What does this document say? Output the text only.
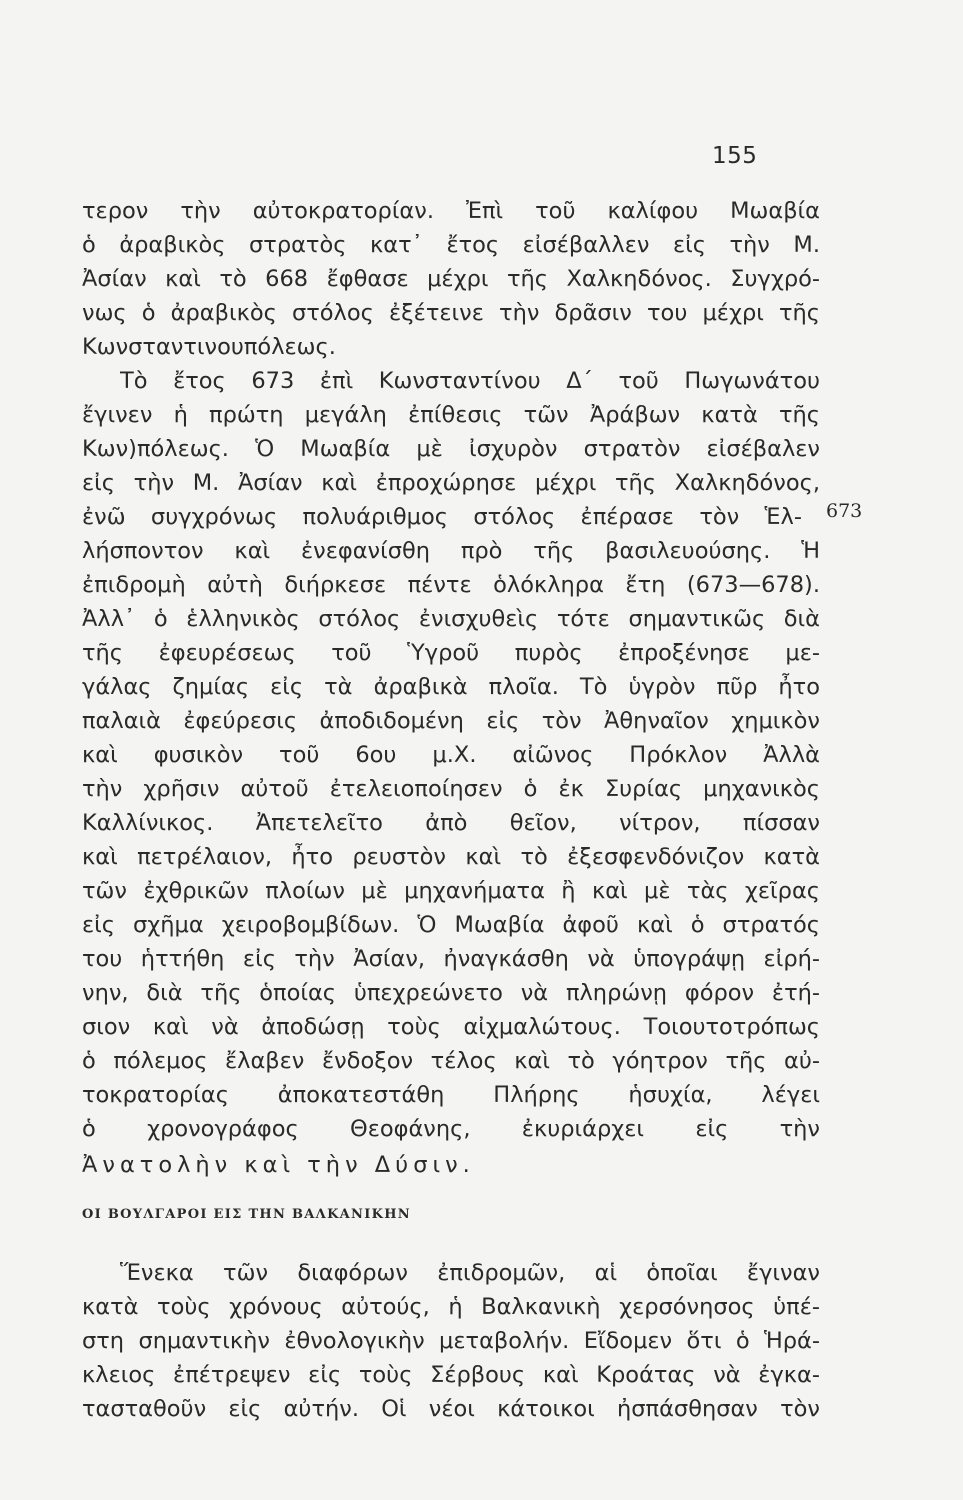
155
673
τερον τὴν αὐτοκρατορίαν. Ἐπὶ τοῦ καλίφου Μωαβία
ὁ ἀραβικὸς στρατὸς κατ᾽ ἔτος εἰσέβαλλεν εἰς τὴν Μ.
Ἀσίαν καὶ τὸ 668 ἔφθασε μέχρι τῆς Χαλκηδόνος. Συγχρό-
νως ὁ ἀραβικὸς στόλος ἐξέτεινε τὴν δρᾶσιν του μέχρι τῆς
Κωνσταντινουπόλεως.
Τὸ ἔτος 673 ἐπὶ Κωνσταντίνου Δ´ τοῦ Πωγωνάτου
ἔγινεν ἡ πρώτη μεγάλη ἐπίθεσις τῶν Ἀράβων κατὰ τῆς
Κων)πόλεως. Ὁ Μωαβία μὲ ἰσχυρὸν στρατὸν εἰσέβαλεν
εἰς τὴν Μ. Ἀσίαν καὶ ἐπροχώρησε μέχρι τῆς Χαλκηδόνος,
ἐνῶ συγχρόνως πολυάριθμος στόλος ἐπέρασε τὸν Ἑλ-
λήσποντον καὶ ἐνεφανίσθη πρὸ τῆς βασιλευούσης. Ἡ
ἐπιδρομὴ αὐτὴ διήρκεσε πέντε ὁλόκληρα ἔτη (673—678).
Ἀλλ᾽ ὁ ἑλληνικὸς στόλος ἐνισχυθεὶς τότε σημαντικῶς διὰ
τῆς ἐφευρέσεως τοῦ Ὑγροῦ πυρὸς ἐπροξένησε με-
γάλας ζημίας εἰς τὰ ἀραβικὰ πλοῖα. Τὸ ὑγρὸν πῦρ ἦτο
παλαιὰ ἐφεύρεσις ἀποδιδομένη εἰς τὸν Ἀθηναῖον χημικὸν
καὶ φυσικὸν τοῦ 6ου μ.Χ. αἰῶνος Πρόκλον Ἀλλὰ
τὴν χρῆσιν αὐτοῦ ἐτελειοποίησεν ὁ ἐκ Συρίας μηχανικὸς
Καλλίνικος. Ἀπετελεῖτο ἀπὸ θεῖον, νίτρον, πίσσαν
καὶ πετρέλαιον, ἦτο ρευστὸν καὶ τὸ ἐξεσφενδόνιζον κατὰ
τῶν ἐχθρικῶν πλοίων μὲ μηχανήματα ἢ καὶ μὲ τὰς χεῖρας
εἰς σχῆμα χειροβομβίδων. Ὁ Μωαβία ἀφοῦ καὶ ὁ στρατός
του ἡττήθη εἰς τὴν Ἀσίαν, ἠναγκάσθη νὰ ὑπογράψῃ εἰρή-
νην, διὰ τῆς ὁποίας ὑπεχρεώνετο νὰ πληρώνῃ φόρον ἐτή-
σιον καὶ νὰ ἀποδώσῃ τοὺς αἰχμαλώτους. Τοιουτοτρόπως
ὁ πόλεμος ἔλαβεν ἔνδοξον τέλος καὶ τὸ γόητρον τῆς αὐ-
τοκρατορίας ἀποκατεστάθη Πλήρης ἡσυχία, λέγει
ὁ χρονογράφος Θεοφάνης, ἐκυριάρχει εἰς τὴν
Ἀνατολὴν καὶ τὴν Δύσιν.
ΟΙ ΒΟΥΛΓΑΡΟΙ ΕΙΣ ΤΗΝ ΒΑΛΚΑΝΙΚΗΝ
Ἕνεκα τῶν διαφόρων ἐπιδρομῶν, αἱ ὁποῖαι ἔγιναν
κατὰ τοὺς χρόνους αὐτούς, ἡ Βαλκανικὴ χερσόνησος ὑπέ-
στη σημαντικὴν ἐθνολογικὴν μεταβολήν. Εἴδομεν ὅτι ὁ Ἡρά-
κλειος ἐπέτρεψεν εἰς τοὺς Σέρβους καὶ Κροάτας νὰ ἐγκα-
τασταθοῦν εἰς αὐτήν. Οἱ νέοι κάτοικοι ἠσπάσθησαν τὸν
